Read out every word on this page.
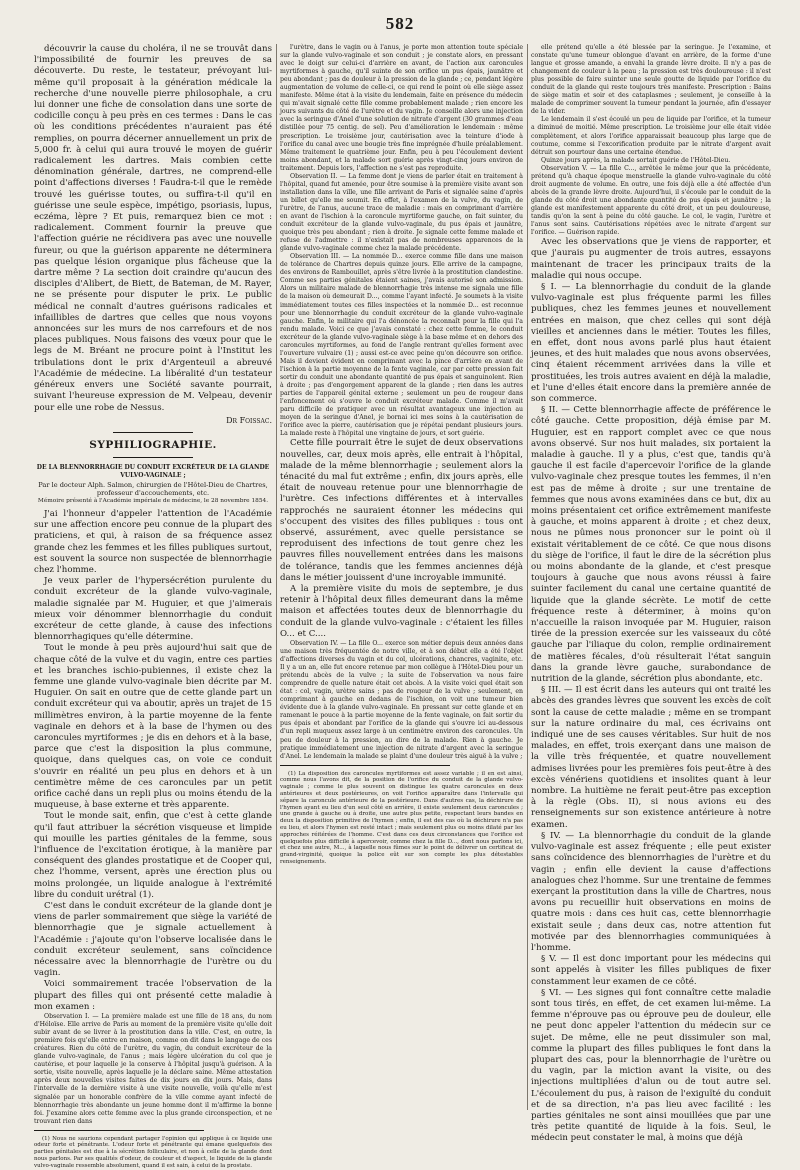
582

découvrir la cause du choléra, il ne se trouvât dans l'impossibilité de fournir les preuves de sa découverte. Du reste, le testateur, prévoyant lui-même qu'il proposait à la génération médicale la recherche d'une nouvelle pierre philosophale, a cru lui donner une fiche de consolation dans une sorte de codicille conçu à peu près en ces termes : Dans le cas où les conditions précédentes n'auraient pas été remplies, on pourra décerner annuellement un prix de 5,000 fr. à celui qui aura trouvé le moyen de guérir radicalement les dartres. Mais combien cette dénomination générale, dartres, ne comprend-elle point d'affections diverses ! Faudra-t-il que le remède trouvé les guérisse toutes, ou suffira-t-il qu'il en guérisse une seule espèce, impétigo, psoriasis, lupus, eczéma, lèpre ? Et puis, remarquez bien ce mot : radicalement. Comment fournir la preuve que l'affection guérie ne récidivera pas avec une nouvelle fureur, ou que la guérison apparente ne déterminera pas quelque lésion organique plus fâcheuse que la dartre même ? La section doit craindre qu'aucun des disciples d'Alibert, de Biett, de Bateman, de M. Rayer, ne se présente pour disputer le prix. Le public médical ne connaît d'autres guérisons radicales et infaillibles de dartres que celles que nous voyons annoncées sur les murs de nos carrefours et de nos places publiques. Nous faisons des vœux pour que le legs de M. Bréant ne procure point à l'Institut les tribulations dont le prix d'Argenteuil a abreuvé l'Académie de médecine. La libéralité d'un testateur généreux envers une Société savante pourrait, suivant l'heureuse expression de M. Velpeau, devenir pour elle une robe de Nessus.

Dr Foissac.
SYPHILIOGRAPHIE.
DE LA BLENNORRHAGIE DU CONDUIT EXCRÉTEUR DE LA GLANDE VULVO-VAGINALE ;
Par le docteur Alph. Salmon, chirurgien de l'Hôtel-Dieu de Chartres, professeur d'accouchements, etc.
Mémoire présenté à l'Académie impériale de médecine, le 28 novembre 1854.

J'ai l'honneur d'appeler l'attention de l'Académie sur une affection encore peu connue de la plupart des praticiens, et qui, à raison de sa fréquence assez grande chez les femmes et les filles publiques surtout, est souvent la source non suspectée de blennorrhagie chez l'homme.

Je veux parler de l'hypersécrétion purulente du conduit excréteur de la glande vulvo-vaginale, maladie signalée par M. Huguier, et que j'aimerais mieux voir dénommer blennorrhagie du conduit excréteur de cette glande, à cause des infections blennorrhagiques qu'elle détermine.

Tout le monde à peu près aujourd'hui sait que de chaque côté de la vulve et du vagin, entre ces parties et les branches ischio-pubiennes, il existe chez la femme une glande vulvo-vaginale bien décrite par M. Huguier. On sait en outre que de cette glande part un conduit excréteur qui va aboutir, après un trajet de 15 millimètres environ, à la partie moyenne de la fente vaginale en dehors et à la base de l'hymen ou des caroncules myrtiformes ; je dis en dehors et à la base, parce que c'est la disposition la plus commune, quoique, dans quelques cas, on voie ce conduit s'ouvrir en réalité un peu plus en dehors et à un centimètre même de ces caroncules par un petit orifice caché dans un repli plus ou moins étendu de la muqueuse, à base externe et très apparente.

Tout le monde sait, enfin, que c'est à cette glande qu'il faut attribuer la sécrétion visqueuse et limpide qui mouille les parties génitales de la femme, sous l'influence de l'excitation érotique, à la manière par conséquent des glandes prostatique et de Cooper qui, chez l'homme, versent, après une érection plus ou moins prolongée, un liquide analogue à l'extrémité libre du conduit urétral (1).

C'est dans le conduit excréteur de la glande dont je viens de parler sommairement que siège la variété de blennorrhagie que je signale actuellement à l'Académie : j'ajoute qu'on l'observe localisée dans le conduit excréteur seulement, sans coïncidence nécessaire avec la blennorrhagie de l'urètre ou du vagin.

Voici sommairement tracée l'observation de la plupart des filles qui ont présenté cette maladie à mon examen :

Observation I. — La première malade est une fille de 18 ans, du nom d'Héloïse. Elle arrive de Paris au moment de la première visite qu'elle doit subir avant de se livrer à la prostitution dans la ville. C'est, en outre, la première fois qu'elle entre en maison, comme on dit dans le langage de ces créatures. Rien du côté de l'urètre, du vagin, du conduit excréteur de la glande vulvo-vaginale, de l'anus ; mais légère ulcération du col que je cautérise, et pour laquelle je la conserve à l'hôpital jusqu'à guérison. A la sortie, visite nouvelle, après laquelle je la déclare saine. Même attestation après deux nouvelles visites faites de dix jours en dix jours. Mais, dans l'intervalle de la dernière visite à une visite nouvelle, voilà qu'elle m'est signalée par un honorable confrère de la ville comme ayant infecté de blennorrhagie très abondante un jeune homme dont il m'affirme la bonne foi. J'examine alors cette femme avec la plus grande circonspection, et ne trouvant rien dans

(1) Nous ne saurions cependant partager l'opinion qui applique à ce liquide une odeur forte et pénétrante. L'odeur forte et pénétrante qui émane quelquefois des parties génitales est due à la sécrétion folliculaire, et non à celle de la glande dont nous parlons. Par ses qualités d'odeur, de couleur et d'aspect, le liquide de la glande vulvo-vaginale ressemble absolument, quand il est sain, à celui de la prostate.

l'urètre, dans le vagin ou à l'anus, je porte mon attention toute spéciale sur la glande vulvo-vaginale et son conduit ; je constate alors, en pressant avec le doigt sur celui-ci d'arrière en avant, de l'action aux caroncules myrtiformes à gauche, qu'il suinte de son orifice un pus épais, jaunâtre et peu abondant ; pas de douleur à la pression de la glande ; ce, pendant légère augmentation de volume de celle-ci, ce qui rend le point où elle siège assez manifeste. Même état à la visite du lendemain, faite en présence du médecin qui m'avait signalé cette fille comme probablement malade ; rien encore les jours suivants du côté de l'urètre et du vagin. Je conseille alors une injection avec la seringue d'Anel d'une solution de nitrate d'argent (30 grammes d'eau distillée pour 75 centig. de sel). Peu d'amélioration le lendemain : même prescription. Le troisième jour, cautérisation avec la teinture d'iode à l'orifice du canal avec une bougie très fine imprégnée d'huile préalablement. Même traitement le quatrième jour. Enfin, peu à peu l'écoulement devient moins abondant, et la malade sort guérie après vingt-cinq jours environ de traitement. Depuis lors, l'affection ne s'est pas reproduite.

Observation II. — La femme dont je viens de parler était en traitement à l'hôpital, quand fut amenée, pour être soumise à la première visite avant son installation dans la ville, une fille arrivant de Paris et signalée saine d'après un billet qu'elle me soumit. En effet, à l'examen de la vulve, du vagin, de l'urètre, de l'anus, aucune trace de maladie : mais en comprimant d'arrière en avant de l'ischion à la caroncule myrtiforme gauche, on fait suinter, du conduit excréteur de la glande vulvo-vaginale, du pus épais et jaunâtre, quoique très peu abondant ; rien à droite. Je signale cette femme malade et refuse de l'admettre : il n'existait pas de nombreuses apparences de la glande vulvo-vaginale comme chez la malade précédente.

Observation III. — La nommée D... exerce comme fille dans une maison de tolérance de Chartres depuis quinze jours. Elle arrive de la campagne, des environs de Rambouillet, après s'être livrée à la prostitution clandestine. Comme ses parties génitales étaient saines, j'avais autorisé son admission. Alors un militaire malade de blennorrhagie très intense me signala une fille de la maison où demeurait D..., comme l'ayant infecté. Je soumets à la visite immédiatement toutes ces filles inspectées et la nommée D... est reconnue pour une blennorrhagie du conduit excréteur de la glande vulvo-vaginale gauche. Enfin, le militaire qui l'a dénoncée la reconnaît pour la fille qui l'a rendu malade. Voici ce que j'avais constaté : chez cette femme, le conduit excréteur de la glande vulvo-vaginale siège à la base même et en dehors des caroncules myrtiformes, au fond de l'angle rentrant qu'elles forment avec l'ouverture vulvaire (1) ; aussi est-ce avec peine qu'on découvre son orifice. Mais il devient évident en comprimant avec la pince d'arrière en avant de l'ischion à la partie moyenne de la fente vaginale, car par cette pression fait sortir du conduit une abondante quantité de pus épais et sanguinolent. Rien à droite ; pas d'engorgement apparent de la glande ; rien dans les autres parties de l'appareil génital externe ; seulement un peu de rougeur dans l'enfoncement où s'ouvre le conduit excréteur malade. Comme il m'avait paru difficile de pratiquer avec un résultat avantageux une injection au moyen de la seringue d'Anel, je bornai ici mes soins à la cautérisation de l'orifice avec la pierre, cautérisation que je répétai pendant plusieurs jours. La malade reste à l'hôpital une vingtaine de jours, et sort guérie.

Cette fille pourrait être le sujet de deux observations nouvelles, car, deux mois après, elle entrait à l'hôpital, malade de la même blennorrhagie ; seulement alors la ténacité du mal fut extrême ; enfin, dix jours après, elle était de nouveau retenue pour une blennorrhagie de l'urètre. Ces infections différentes et à intervalles rapprochés ne sauraient étonner les médecins qui s'occupent des visites des filles publiques : tous ont observé, assurément, avec quelle persistance se reproduisent des infections de tout genre chez les pauvres filles nouvellement entrées dans les maisons de tolérance, tandis que les femmes anciennes déjà dans le métier jouissent d'une incroyable immunité.

A la première visite du mois de septembre, je dus retenir à l'hôpital deux filles demeurant dans la même maison et affectées toutes deux de blennorrhagie du conduit de la glande vulvo-vaginale : c'étaient les filles O... et C....

Observation IV. — La fille O... exerce son métier depuis deux années dans une maison très fréquentée de notre ville, et à son début elle a été l'objet d'affections diverses du vagin et du col, ulcérations, chancres, vaginite, etc. Il y a un an, elle fut encore retenue par mon collègue à l'Hôtel-Dieu pour un prétendu abcès de la vulve ; la suite de l'observation va nous faire comprendre de quelle nature était cet abcès. A la visite voici quel était son état : col, vagin, urètre sains ; pas de rougeur de la vulve ; seulement, en comprimant à gauche en dedans de l'ischion, on voit une tumeur bien évidente due à la glande vulvo-vaginale. En pressant sur cette glande et en ramenant le pouce à la partie moyenne de la fente vaginale, on fait sortir du pus épais et abondant par l'orifice de la glande qui s'ouvre ici au-dessous d'un repli muqueux assez large à un centimètre environ des caroncules. Un peu de douleur à la pression, au dire de la malade. Rien à gauche. Je pratique immédiatement une injection de nitrate d'argent avec la seringue d'Anel. Le lendemain la malade se plaint d'une douleur très aiguë à la vulve ;

(1) La disposition des caroncules myrtiformes est assez variable ; il en est ainsi, comme nous l'avons dit, de la position de l'orifice du conduit de la glande vulvo-vaginale ; comme le plus souvent on distingue les quatre caroncules en deux antérieures et deux postérieures, on voit l'orifice apparaître dans l'intervalle qui sépare la caroncule antérieure de la postérieure. Dans d'autres cas, la déchirure de l'hymen ayant eu lieu d'un seul côté en arrière, il existe seulement deux caroncules ; une grande à gauche ou à droite, une autre plus petite, respectant leurs bandes en deux la disposition primitive de l'hymen ; enfin, il est des cas où la déchirure n'a pas eu lieu, et alors l'hymen est resté intact ; mais seulement plus ou moins dilaté par les approches réitérées de l'homme. C'est dans ces deux circonstances que l'orifice est quelquefois plus difficile à apercevoir, comme chez la fille D..., dont nous parlons ici, et chez une autre, M..., à laquelle nous fûmes sur le point de délivrer un certificat de grand-virginité, quoique la police eût sur son compte les plus détestables renseignements.

elle prétend qu'elle a été blessée par la seringue. Je l'examine, et constate qu'une tumeur oblongue d'avant en arrière, de la forme d'une langue et grosse amande, a envahi la grande lèvre droite. Il n'y a pas de changement de couleur à la peau ; la pression est très douloureuse : il n'est plus possible de faire suinter une seule goutte de liquide par l'orifice du conduit de la glande qui reste toujours très manifeste. Prescription : Bains de siège matin et soir et des cataplasmes ; seulement, je conseille à la malade de comprimer souvent la tumeur pendant la journée, afin d'essayer de la vider.

Le lendemain il s'est écoulé un peu de liquide par l'orifice, et la tumeur a diminué de moitié. Même prescription. Le troisième jour elle était vidée complètement, et alors l'orifice apparaissait beaucoup plus large que de coutume, comme si l'excorification produite par le nitrate d'argent avait détruit son pourtour dans une certaine étendue.

Quinze jours après, la malade sortait guérie de l'Hôtel-Dieu.

Observation V. — La fille C..., arrêtée le même jour que la précédente, prétend qu'à chaque époque menstruelle la glande vulvo-vaginale du côté droit augmente de volume. En outre, une fois déjà elle a été affectée d'un abcès de la grande lèvre droite. Aujourd'hui, il s'écoule par le conduit de la glande du côté droit une abondante quantité de pus épais et jaunâtre ; la glande est manifestement apparente du côté droit, et un peu douloureuse, tandis qu'on la sent à peine du côté gauche. Le col, le vagin, l'urètre et l'anus sont sains. Cautérisations répétées avec le nitrate d'argent sur l'orifice. — Guérison rapide.

Avec les observations que je viens de rapporter, et que j'aurais pu augmenter de trois autres, essayons maintenant de tracer les principaux traits de la maladie qui nous occupe.

§ I. — La blennorrhagie du conduit de la glande vulvo-vaginale est plus fréquente parmi les filles publiques, chez les femmes jeunes et nouvellement entrées en maison, que chez celles qui sont déjà vieilles et anciennes dans le métier. Toutes les filles, en effet, dont nous avons parlé plus haut étaient jeunes, et des huit malades que nous avons observées, cinq étaient récemment arrivées dans la ville et prostituées, les trois autres avaient en déjà la maladie, et l'une d'elles était encore dans la première année de son commerce.

§ II. — Cette blennorrhagie affecte de préférence le côté gauche. Cette proposition, déjà émise par M. Huguier, est en rapport complet avec ce que nous avons observé. Sur nos huit malades, six portaient la maladie à gauche. Il y a plus, c'est que, tandis qu'à gauche il est facile d'apercevoir l'orifice de la glande vulvo-vaginale chez presque toutes les femmes, il n'en est pas de même à droite ; sur une trentaine de femmes que nous avons examinées dans ce but, dix au moins présentaient cet orifice extrêmement manifeste à gauche, et moins apparent à droite ; et chez deux, nous ne pûmes nous prononcer sur le point où il existait véritablement de ce côté. Ce que nous disons du siège de l'orifice, il faut le dire de la sécrétion plus ou moins abondante de la glande, et c'est presque toujours à gauche que nous avons réussi à faire suinter facilement du canal une certaine quantité de liquide que la glande sécrète. Le motif de cette fréquence reste à déterminer, à moins qu'on n'accueille la raison invoquée par M. Huguier, raison tirée de la pression exercée sur les vaisseaux du côté gauche par l'iliaque du colon, remplie ordinairement de matières fécales, d'où résulterait l'état sanguin dans la grande lèvre gauche, surabondance de nutrition de la glande, sécrétion plus abondante, etc.

§ III. — Il est écrit dans les auteurs qui ont traité les abcès des grandes lèvres que souvent les excès de coït sont la cause de cette maladie ; même en se trompant sur la nature ordinaire du mal, ces écrivains ont indiqué une de ses causes véritables. Sur huit de nos malades, en effet, trois exerçant dans une maison de la ville très fréquentée, et quatre nouvellement admises livrées pour les premières fois peut-être à des excès vénériens quotidiens et insolites quant à leur nombre. La huitième ne ferait peut-être pas exception à la règle (Obs. II), si nous avions eu des renseignements sur son existence antérieure à notre examen.

§ IV. — La blennorrhagie du conduit de la glande vulvo-vaginale est assez fréquente ; elle peut exister sans coïncidence des blennorrhagies de l'urètre et du vagin ; enfin elle devient la cause d'affections analogues chez l'homme. Sur une trentaine de femmes exerçant la prostitution dans la ville de Chartres, nous avons pu recueillir huit observations en moins de quatre mois : dans ces huit cas, cette blennorrhagie existait seule ; dans deux cas, notre attention fut motivée par des blennorrhagies communiquées à l'homme.

§ V. — Il est donc important pour les médecins qui sont appelés à visiter les filles publiques de fixer constamment leur examen de ce côté.

§ VI. — Les signes qui font connaître cette maladie sont tous tirés, en effet, de cet examen lui-même. La femme n'éprouve pas ou éprouve peu de douleur, elle ne peut donc appeler l'attention du médecin sur ce sujet. De même, elle ne peut dissimuler son mal, comme la plupart des filles publiques le font dans la plupart des cas, pour la blennorrhagie de l'urètre ou du vagin, par la miction avant la visite, ou des injections multipliées d'alun ou de tout autre sel. L'écoulement du pus, à raison de l'exiguïté du conduit et de sa direction, n'a pas lieu avec facilité : les parties génitales ne sont ainsi mouillées que par une très petite quantité de liquide à la fois. Seul, le médecin peut constater le mal, à moins que déjà
